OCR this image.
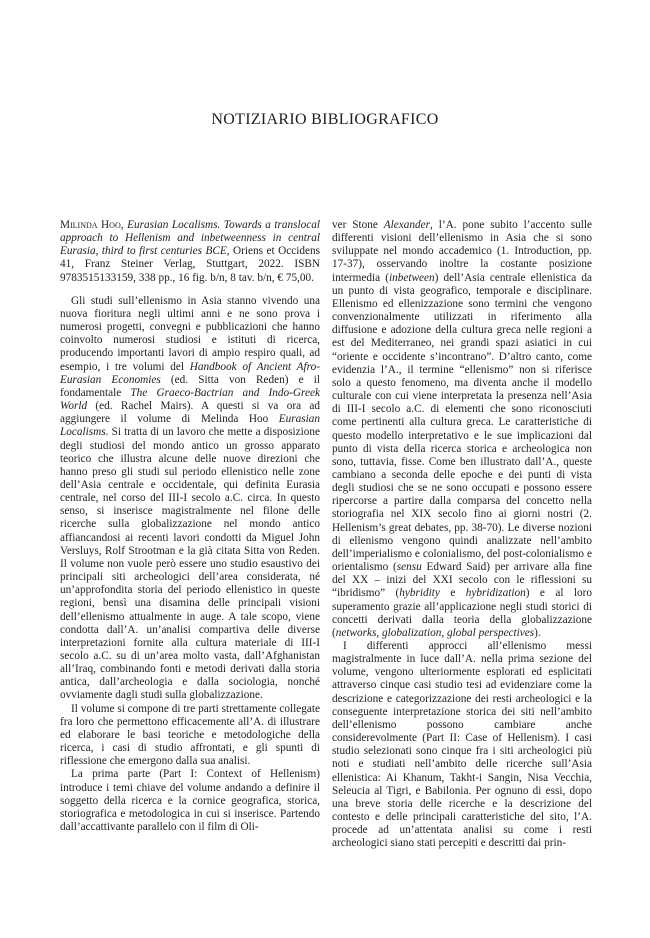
NOTIZIARIO BIBLIOGRAFICO

Milinda Hoo, Eurasian Localisms. Towards a translocal approach to Hellenism and inbetweenness in central Eurasia, third to first centuries BCE, Oriens et Occidens 41, Franz Steiner Verlag, Stuttgart, 2022. ISBN 9783515133159, 338 pp., 16 fig. b/n, 8 tav. b/n, € 75,00.

Gli studi sull’ellenismo in Asia stanno vivendo una nuova fioritura negli ultimi anni e ne sono prova i numerosi progetti, convegni e pubblicazioni che hanno coinvolto numerosi studiosi e istituti di ricerca, producendo importanti lavori di ampio respiro quali, ad esempio, i tre volumi del Handbook of Ancient Afro-Eurasian Economies (ed. Sitta von Reden) e il fondamentale The Graeco-Bactrian and Indo-Greek World (ed. Rachel Mairs). A questi si va ora ad aggiungere il volume di Melinda Hoo Eurasian Localisms. Si tratta di un lavoro che mette a disposizione degli studiosi del mondo antico un grosso apparato teorico che illustra alcune delle nuove direzioni che hanno preso gli studi sul periodo ellenistico nelle zone dell’Asia centrale e occidentale, qui definita Eurasia centrale, nel corso del III-I secolo a.C. circa. In questo senso, si inserisce magistralmente nel filone delle ricerche sulla globalizzazione nel mondo antico affiancandosi ai recenti lavori condotti da Miguel John Versluys, Rolf Strootman e la già citata Sitta von Reden. Il volume non vuole però essere uno studio esaustivo dei principali siti archeologici dell’area considerata, né un’approfondita storia del periodo ellenistico in queste regioni, bensì una disamina delle principali visioni dell’ellenismo attualmente in auge. A tale scopo, viene condotta dall’A. un’analisi compartiva delle diverse interpretazioni fornite alla cultura materiale di III-I secolo a.C. su di un’area molto vasta, dall’Afghanistan all’Iraq, combinando fonti e metodi derivati dalla storia antica, dall’archeologia e dalla sociologia, nonché ovviamente dagli studi sulla globalizzazione.

Il volume si compone di tre parti strettamente collegate fra loro che permettono efficacemente all’A. di illustrare ed elaborare le basi teoriche e metodologiche della ricerca, i casi di studio affrontati, e gli spunti di riflessione che emergono dalla sua analisi.

La prima parte (Part I: Context of Hellenism) introduce i temi chiave del volume andando a definire il soggetto della ricerca e la cornice geografica, storica, storiografica e metodologica in cui si inserisce. Partendo dall’accattivante parallelo con il film di Oli-

ver Stone Alexander, l’A. pone subito l’accento sulle differenti visioni dell’ellenismo in Asia che si sono sviluppate nel mondo accademico (1. Introduction, pp. 17-37), osservando inoltre la costante posizione intermedia (inbetween) dell’Asia centrale ellenistica da un punto di vista geografico, temporale e disciplinare. Ellenismo ed ellenizzazione sono termini che vengono convenzionalmente utilizzati in riferimento alla diffusione e adozione della cultura greca nelle regioni a est del Mediterraneo, nei grandi spazi asiatici in cui “oriente e occidente s’incontrano”. D’altro canto, come evidenzia l’A., il termine “ellenismo” non si riferisce solo a questo fenomeno, ma diventa anche il modello culturale con cui viene interpretata la presenza nell’Asia di III-I secolo a.C. di elementi che sono riconosciuti come pertinenti alla cultura greca. Le caratteristiche di questo modello interpretativo e le sue implicazioni dal punto di vista della ricerca storica e archeologica non sono, tuttavia, fisse. Come ben illustrato dall’A., queste cambiano a seconda delle epoche e dei punti di vista degli studiosi che se ne sono occupati e possono essere ripercorse a partire dalla comparsa del concetto nella storiografia nel XIX secolo fino ai giorni nostri (2. Hellenism’s great debates, pp. 38-70). Le diverse nozioni di ellenismo vengono quindi analizzate nell’ambito dell’imperialismo e colonialismo, del post-colonialismo e orientalismo (sensu Edward Said) per arrivare alla fine del XX – inizi del XXI secolo con le riflessioni su “ibridismo” (hybridity e hybridization) e al loro superamento grazie all’applicazione negli studi storici di concetti derivati dalla teoria della globalizzazione (networks, globalization, global perspectives).

I differenti approcci all’ellenismo messi magistralmente in luce dall’A. nella prima sezione del volume, vengono ulteriormente esplorati ed esplicitati attraverso cinque casi studio tesi ad evidenziare come la descrizione e categorizzazione dei resti archeologici e la conseguente interpretazione storica dei siti nell’ambito dell’ellenismo possono cambiare anche considerevolmente (Part II: Case of Hellenism). I casi studio selezionati sono cinque fra i siti archeologici più noti e studiati nell’ambito delle ricerche sull’Asia ellenistica: Ai Khanum, Takht-i Sangin, Nisa Vecchia, Seleucia al Tigri, e Babilonia. Per ognuno di essi, dopo una breve storia delle ricerche e la descrizione del contesto e delle principali caratteristiche del sito, l’A. procede ad un’attentata analisi su come i resti archeologici siano stati percepiti e descritti dai prin-
